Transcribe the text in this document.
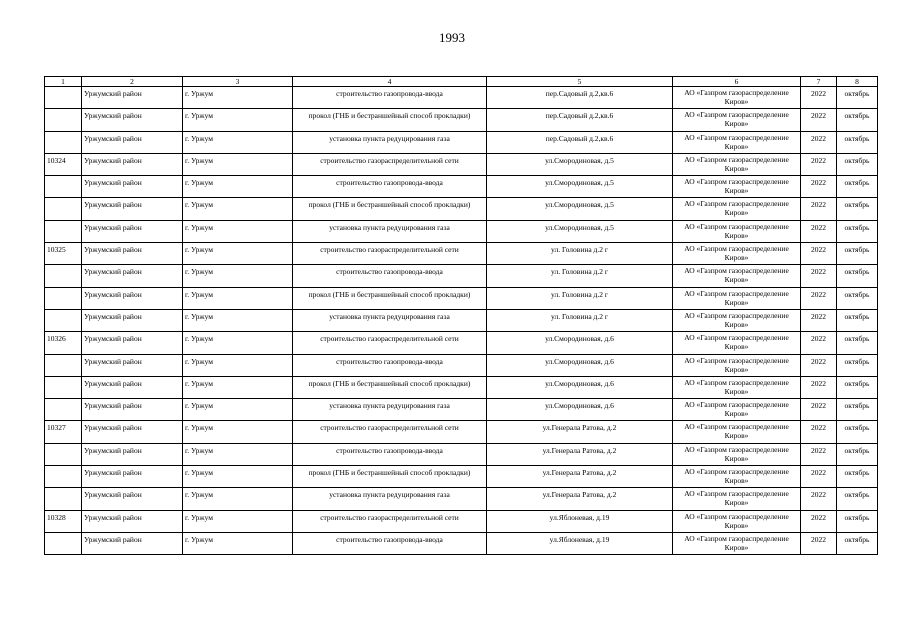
1993
1	2	3	4	5	6	7	8

	Уржумский район	г. Уржум	строительство газопровода-ввода	пер.Садовый д.2,кв.6	АО «Газпром газораспределение Киров»	2022	октябрь

	Уржумский район	г. Уржум	прокол (ГНБ и бестраншейный способ прокладки)	пер.Садовый д.2,кв.6	АО «Газпром газораспределение Киров»	2022	октябрь

	Уржумский район	г. Уржум	установка пункта редуцирования газа	пер.Садовый д.2,кв.6	АО «Газпром газораспределение Киров»	2022	октябрь

10324	Уржумский район	г. Уржум	строительство газораспределительной сети	ул.Смородиновая, д.5	АО «Газпром газораспределение Киров»	2022	октябрь

	Уржумский район	г. Уржум	строительство газопровода-ввода	ул.Смородиновая, д.5	АО «Газпром газораспределение Киров»	2022	октябрь

	Уржумский район	г. Уржум	прокол (ГНБ и бестраншейный способ прокладки)	ул.Смородиновая, д.5	АО «Газпром газораспределение Киров»	2022	октябрь

	Уржумский район	г. Уржум	установка пункта редуцирования газа	ул.Смородиновая, д.5	АО «Газпром газораспределение Киров»	2022	октябрь

10325	Уржумский район	г. Уржум	строительство газораспределительной сети	ул. Головина д.2 г	АО «Газпром газораспределение Киров»	2022	октябрь

	Уржумский район	г. Уржум	строительство газопровода-ввода	ул. Головина д.2 г	АО «Газпром газораспределение Киров»	2022	октябрь

	Уржумский район	г. Уржум	прокол (ГНБ и бестраншейный способ прокладки)	ул. Головина д.2 г	АО «Газпром газораспределение Киров»	2022	октябрь

	Уржумский район	г. Уржум	установка пункта редуцирования газа	ул. Головина д.2 г	АО «Газпром газораспределение Киров»	2022	октябрь

10326	Уржумский район	г. Уржум	строительство газораспределительной сети	ул.Смородиновая, д.6	АО «Газпром газораспределение Киров»	2022	октябрь

	Уржумский район	г. Уржум	строительство газопровода-ввода	ул.Смородиновая, д.6	АО «Газпром газораспределение Киров»	2022	октябрь

	Уржумский район	г. Уржум	прокол (ГНБ и бестраншейный способ прокладки)	ул.Смородиновая, д.6	АО «Газпром газораспределение Киров»	2022	октябрь

	Уржумский район	г. Уржум	установка пункта редуцирования газа	ул.Смородиновая, д.6	АО «Газпром газораспределение Киров»	2022	октябрь

10327	Уржумский район	г. Уржум	строительство газораспределительной сети	ул.Генерала Ратова, д.2	АО «Газпром газораспределение Киров»	2022	октябрь

	Уржумский район	г. Уржум	строительство газопровода-ввода	ул.Генерала Ратова, д.2	АО «Газпром газораспределение Киров»	2022	октябрь

	Уржумский район	г. Уржум	прокол (ГНБ и бестраншейный способ прокладки)	ул.Генерала Ратова, д.2	АО «Газпром газораспределение Киров»	2022	октябрь

	Уржумский район	г. Уржум	установка пункта редуцирования газа	ул.Генерала Ратова, д.2	АО «Газпром газораспределение Киров»	2022	октябрь

10328	Уржумский район	г. Уржум	строительство газораспределительной сети	ул.Яблоневая, д.19	АО «Газпром газораспределение Киров»	2022	октябрь

	Уржумский район	г. Уржум	строительство газопровода-ввода	ул.Яблоневая, д.19	АО «Газпром газораспределение Киров»	2022	октябрь
